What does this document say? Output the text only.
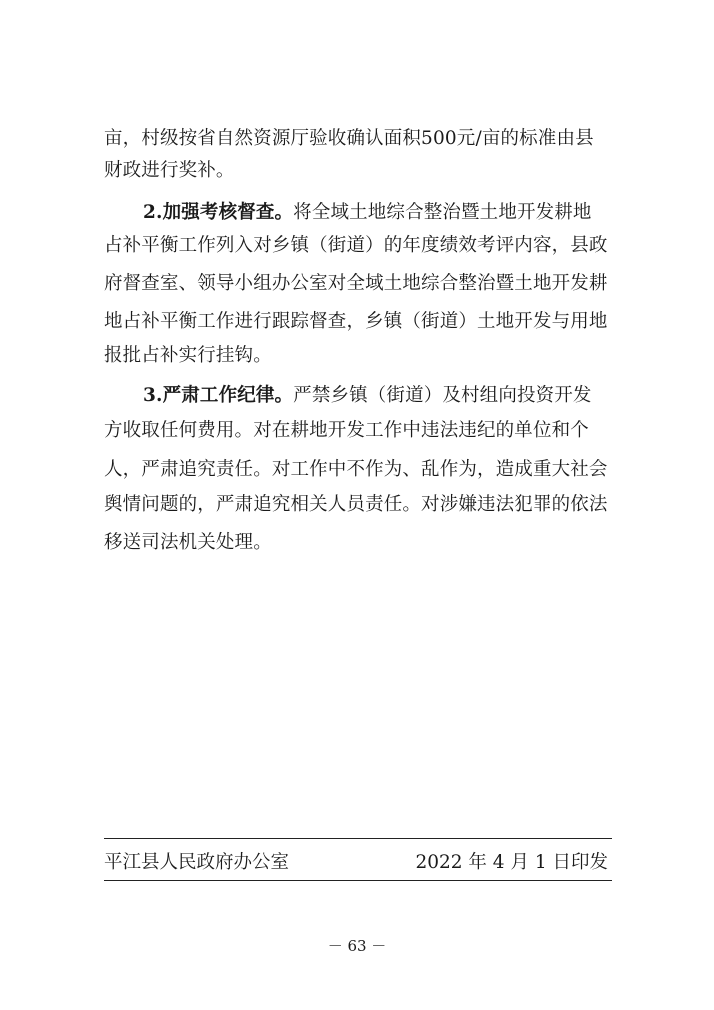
亩，村级按省自然资源厅验收确认面积500元/亩的标准由县
财政进行奖补。
2.加强考核督查。将全域土地综合整治暨土地开发耕地
占补平衡工作列入对乡镇（街道）的年度绩效考评内容，县政
府督查室、领导小组办公室对全域土地综合整治暨土地开发耕
地占补平衡工作进行跟踪督查，乡镇（街道）土地开发与用地
报批占补实行挂钩。
3.严肃工作纪律。严禁乡镇（街道）及村组向投资开发
方收取任何费用。对在耕地开发工作中违法违纪的单位和个
人，严肃追究责任。对工作中不作为、乱作为，造成重大社会
舆情问题的，严肃追究相关人员责任。对涉嫌违法犯罪的依法
移送司法机关处理。
平江县人民政府办公室	2022 年 4 月 1 日印发
－ 63 －
